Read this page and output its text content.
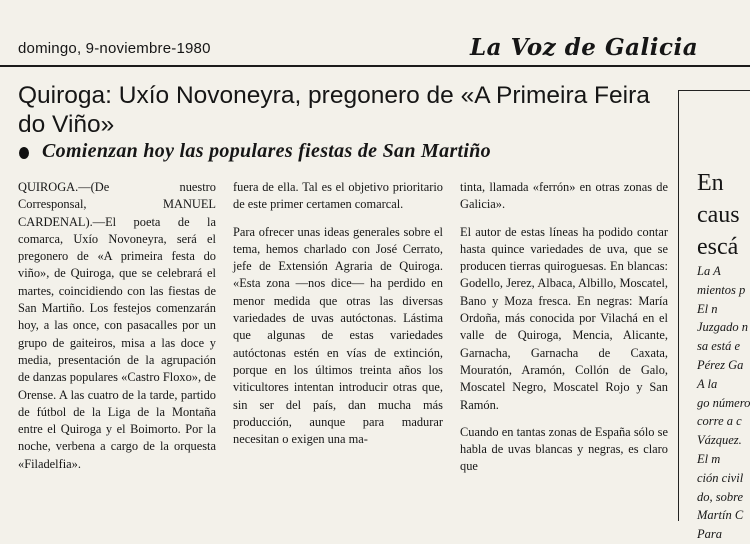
domingo, 9-noviembre-1980	La Voz de Galicia
Quiroga: Uxío Novoneyra, pregonero de «A Primeira Feira do Viño»
Comienzan hoy las populares fiestas de San Martiño

QUIROGA.—(De nuestro Corresponsal, MANUEL CARDENAL).—El poeta de la comarca, Uxío Novoneyra, será el pregonero de «A primeira festa do viño», de Quiroga, que se celebrará el martes, coincidiendo con las fiestas de San Martiño. Los festejos comenzarán hoy, a las once, con pasacalles por un grupo de gaiteiros, misa a las doce y media, presentación de la agrupación de danzas populares «Castro Floxo», de Orense. A las cuatro de la tarde, partido de fútbol de la Liga de la Montaña entre el Quiroga y el Boimorto. Por la noche, verbena a cargo de la orquesta «Filadelfia».

fuera de ella. Tal es el objetivo prioritario de este primer certamen comarcal.

Para ofrecer unas ideas generales sobre el tema, hemos charlado con José Cerrato, jefe de Extensión Agraria de Quiroga. «Esta zona —nos dice— ha perdido en menor medida que otras las diversas variedades de uvas autóctonas. Lástima que algunas de estas variedades autóctonas estén en vías de extinción, porque en los últimos treinta años los viticultores intentan introducir otras que, sin ser del país, dan mucha más producción, aunque para madurar necesitan o exigen una ma-

tinta, llamada «ferrón» en otras zonas de Galicia».

El autor de estas líneas ha podido contar hasta quince variedades de uva, que se producen tierras quiroguesas. En blancas: Godello, Jerez, Albaca, Albillo, Moscatel, Bano y Moza fresca. En negras: María Ordoña, más conocida por Vilachá en el valle de Quiroga, Mencia, Alicante, Garnacha, Garnacha de Caxata, Mouratón, Aramón, Collón de Galo, Moscatel Negro, Moscatel Rojo y San Ramón.

Cuando en tantas zonas de España sólo se habla de uvas blancas y negras, es claro que

En
caus
escá
La A
mientos p
El n
Juzgado n
sa está e
Pérez Ga
A la
go número
corre a c
Vázquez.
El m
ción civil
do, sobre
Martín C
Para
